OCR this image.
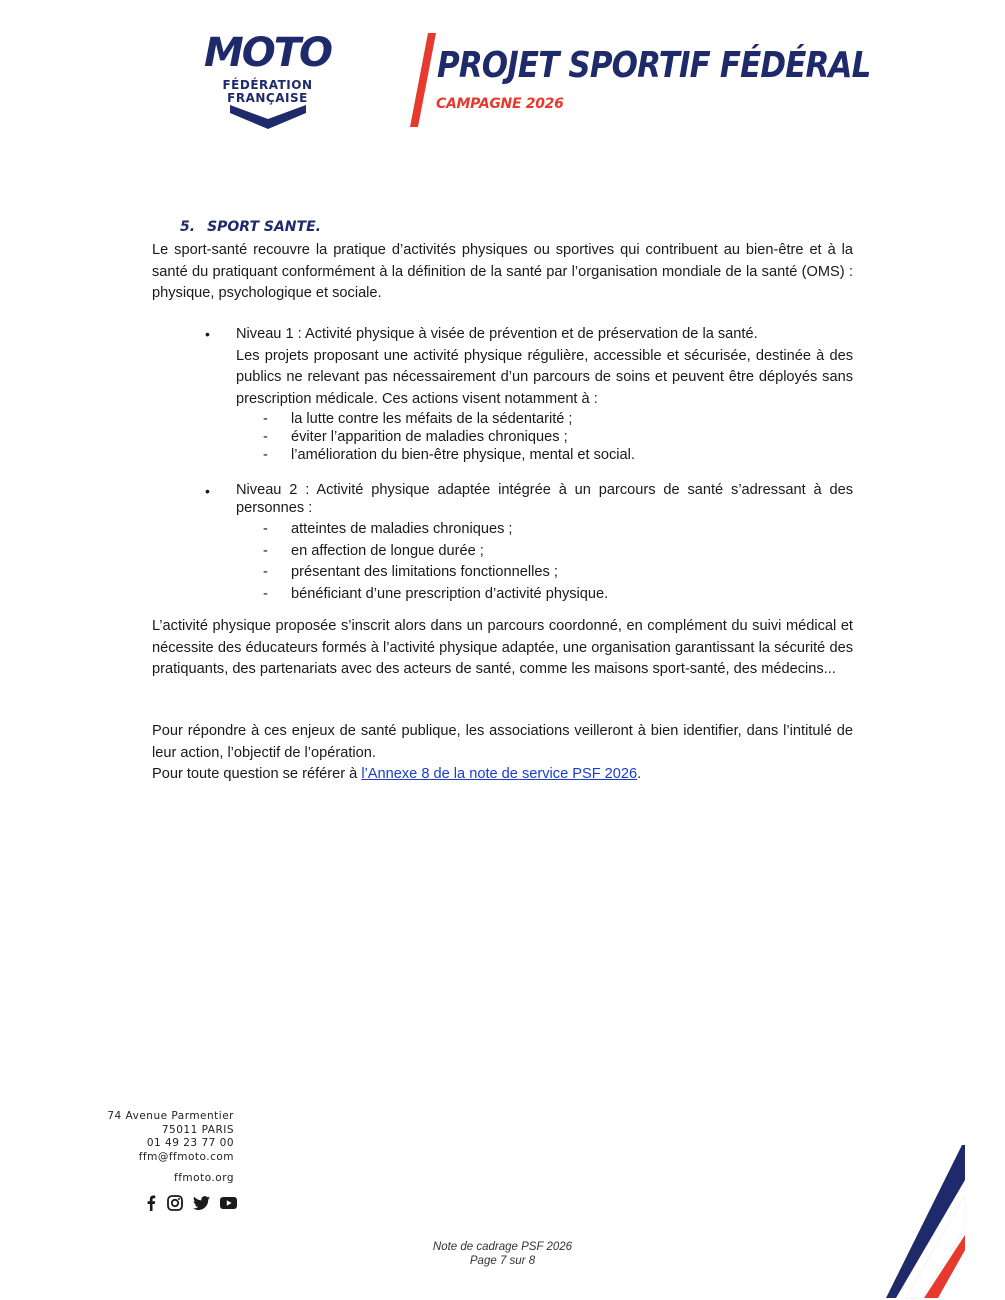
MOTO
FÉDÉRATION
FRANÇAISE
PROJET SPORTIF FÉDÉRAL
CAMPAGNE 2026
5. SPORT SANTE.

Le sport-santé recouvre la pratique d’activités physiques ou sportives qui contribuent au bien-être et à la santé du pratiquant conformément à la définition de la santé par l’organisation mondiale de la santé (OMS) : physique, psychologique et sociale.

• Niveau 1 : Activité physique à visée de prévention et de préservation de la santé.

Les projets proposant une activité physique régulière, accessible et sécurisée, destinée à des publics ne relevant pas nécessairement d’un parcours de soins et peuvent être déployés sans prescription médicale. Ces actions visent notamment à :

- la lutte contre les méfaits de la sédentarité ;
- éviter l’apparition de maladies chroniques ;
- l’amélioration du bien-être physique, mental et social.
• Niveau 2 : Activité physique adaptée intégrée à un parcours de santé s’adressant à des personnes :

- atteintes de maladies chroniques ;
- en affection de longue durée ;
- présentant des limitations fonctionnelles ;
- bénéficiant d’une prescription d’activité physique.

L’activité physique proposée s’inscrit alors dans un parcours coordonné, en complément du suivi médical et nécessite des éducateurs formés à l’activité physique adaptée, une organisation garantissant la sécurité des pratiquants, des partenariats avec des acteurs de santé, comme les maisons sport-santé, des médecins...

Pour répondre à ces enjeux de santé publique, les associations veilleront à bien identifier, dans l’intitulé de leur action, l’objectif de l’opération.

Pour toute question se référer à l’Annexe 8 de la note de service PSF 2026.

74 Avenue Parmentier
75011 PARIS
01 49 23 77 00
ffm@ffmoto.com
ffmoto.org
Note de cadrage PSF 2026
Page 7 sur 8
